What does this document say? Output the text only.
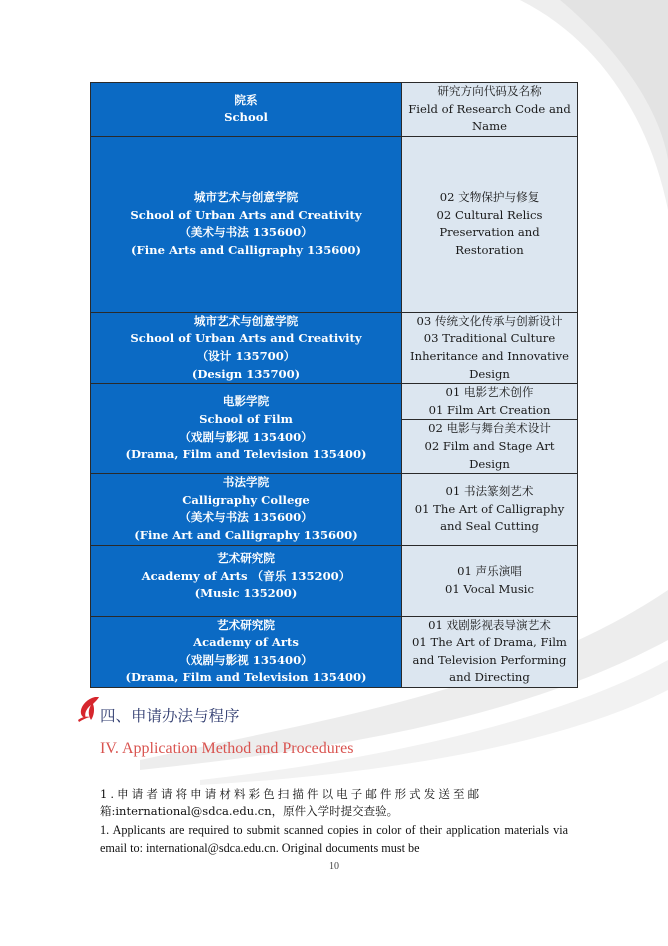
院系
School	研究方向代码及名称
Field of Research Code and Name

城市艺术与创意学院
School of Urban Arts and Creativity
（美术与书法 135600）
(Fine Arts and Calligraphy 135600)	02 文物保护与修复
02 Cultural Relics Preservation and Restoration

城市艺术与创意学院
School of Urban Arts and Creativity
（设计 135700）
(Design 135700)	03 传统文化传承与创新设计
03 Traditional Culture Inheritance and Innovative Design

电影学院
School of Film
（戏剧与影视 135400）
(Drama, Film and Television 135400)	01 电影艺术创作
01 Film Art Creation

	02 电影与舞台美术设计
02 Film and Stage Art Design

书法学院
Calligraphy College
（美术与书法 135600）
(Fine Art and Calligraphy 135600)	01 书法篆刻艺术
01 The Art of Calligraphy and Seal Cutting

艺术研究院
Academy of Arts （音乐 135200）
(Music 135200)	01 声乐演唱
01 Vocal Music

艺术研究院
Academy of Arts
（戏剧与影视 135400）
(Drama, Film and Television 135400)	01 戏剧影视表导演艺术
01 The Art of Drama, Film and Television Performing and Directing
四、申请办法与程序
IV. Application Method and Procedures
1.申请者请将申请材料彩色扫描件以电子邮件形式发送至邮
箱:international@sdca.edu.cn，原件入学时提交查验。
1. Applicants are required to submit scanned copies in color of their application materials via email to: international@sdca.edu.cn. Original documents must be
10
